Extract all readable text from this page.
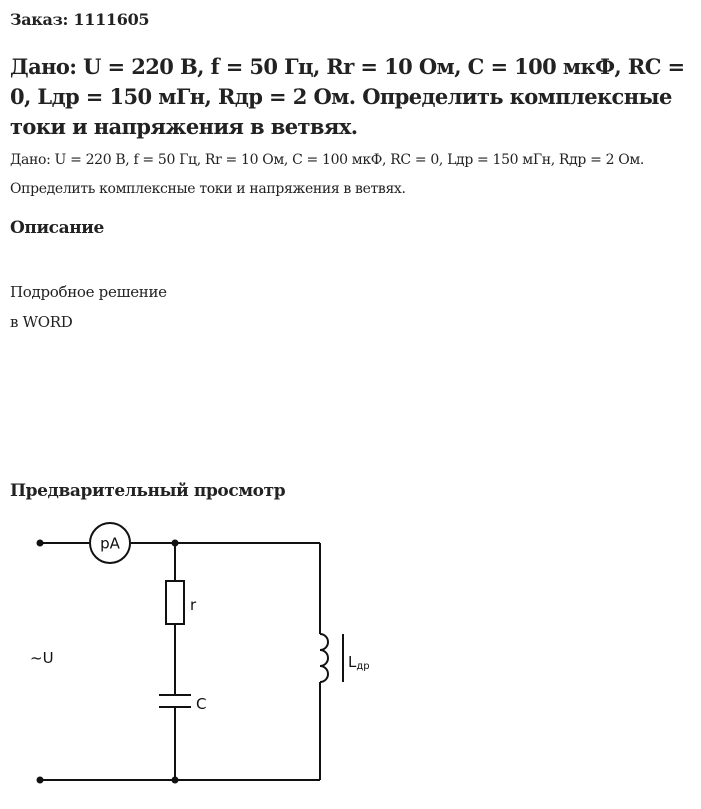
Заказ: 1111605
Дано: U = 220 В, f = 50 Гц, Rr = 10 Ом, C = 100 мкФ, RC = 0, Lдр = 150 мГн, Rдр = 2 Ом. Определить комплексные токи и напряжения в ветвях.

Дано: U = 220 В, f = 50 Гц, Rr = 10 Ом, C = 100 мкФ, RC = 0, Lдр = 150 мГн, Rдр = 2 Ом. Определить комплексные токи и напряжения в ветвях.

Описание
Подробное решение
в WORD
Предварительный просмотр
pA
r
C
Lдр
~U
